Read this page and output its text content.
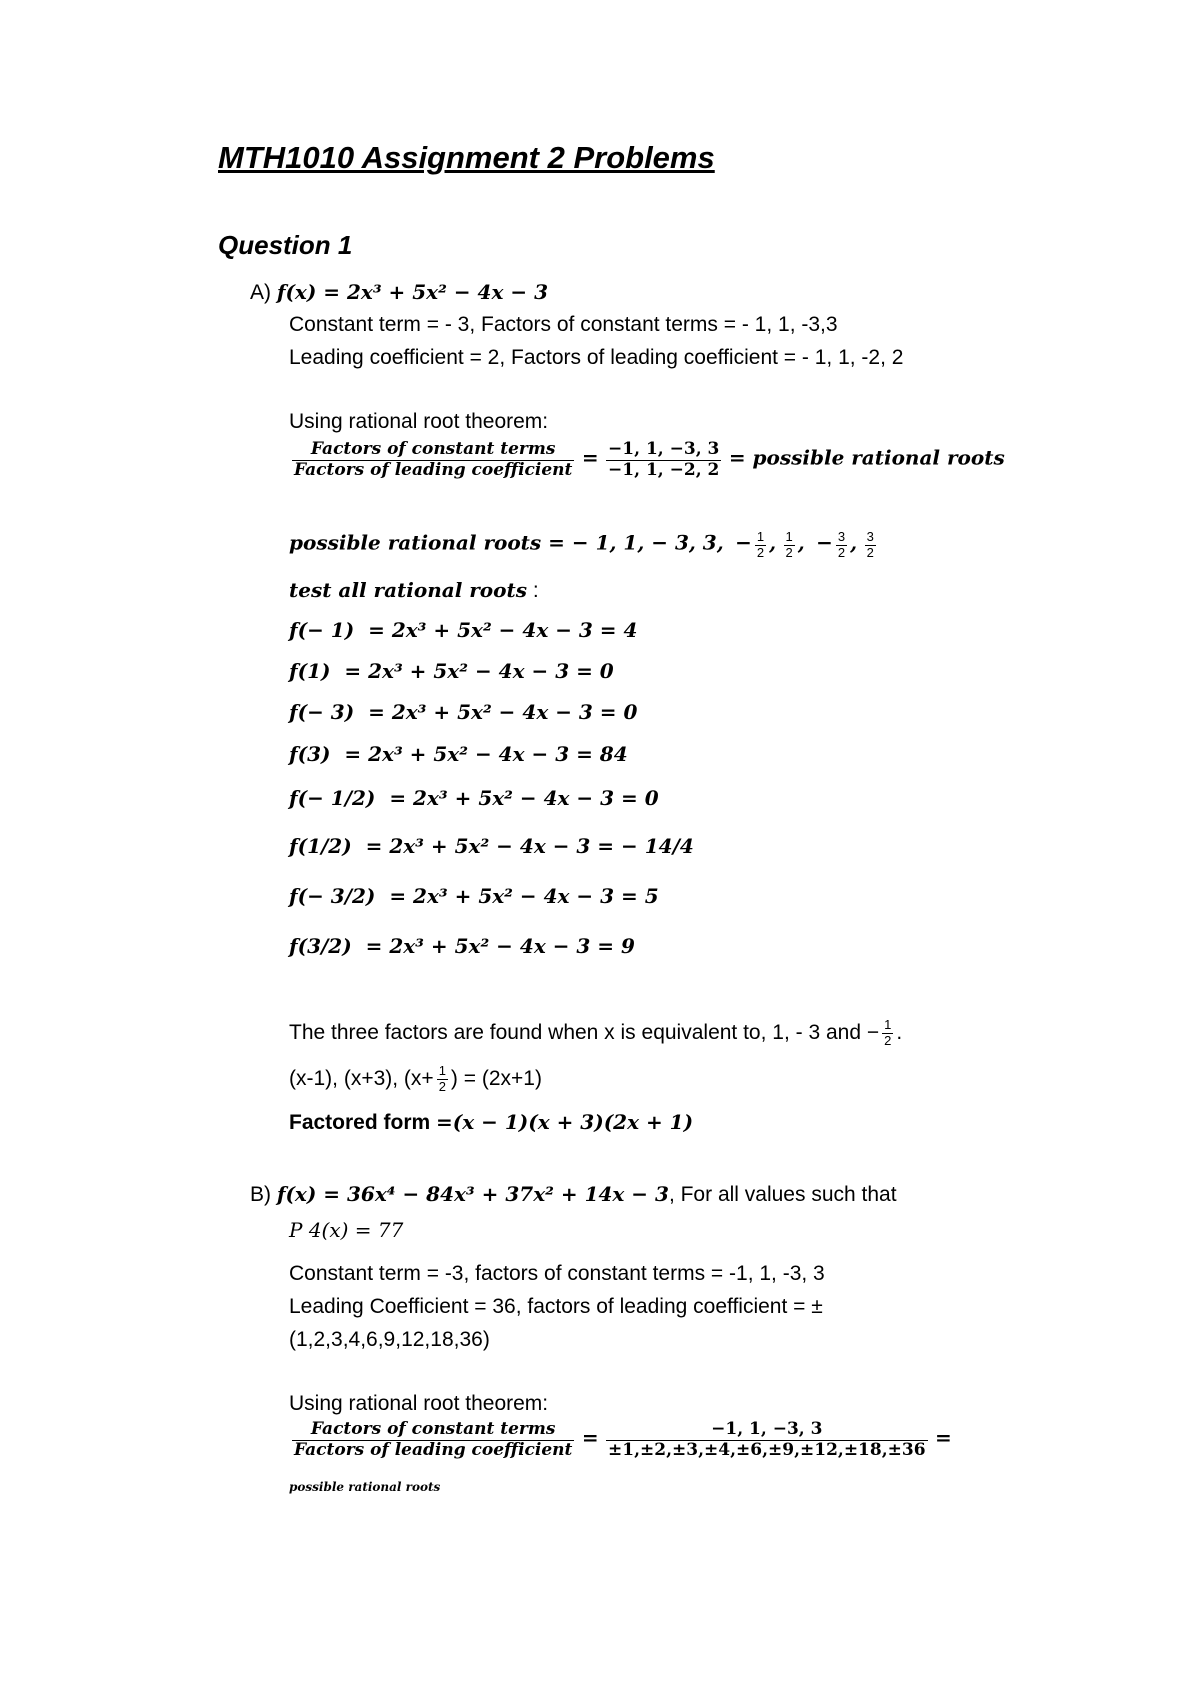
MTH1010 Assignment 2 Problems
Question 1
A) f(x) = 2x³ + 5x² − 4x − 3
Constant term = - 3, Factors of constant terms = - 1, 1, -3,3
Leading coefficient = 2, Factors of leading coefficient = - 1, 1, -2, 2
Using rational root theorem:
$\frac{\text{Factors of constant terms}}{\text{Factors of leading coefficient}} = \frac{-1, 1, -3, 3}{-1, 1, -2, 2}$ = possible rational roots
possible rational roots = − 1, 1, − 3, 3,  − $\frac{1}{2}$ , $\frac{1}{2}$ ,  − $\frac{3}{2}$ , $\frac{3}{2}$
test all rational roots :
f(− 1) = 2x³ + 5x² − 4x − 3 = 4
f(1) = 2x³ + 5x² − 4x − 3 = 0
f(− 3) = 2x³ + 5x² − 4x − 3 = 0
f(3) = 2x³ + 5x² − 4x − 3 = 84
f(− 1/2) = 2x³ + 5x² − 4x − 3 = 0
f(1/2) = 2x³ + 5x² − 4x − 3 = − 14/4
f(− 3/2) = 2x³ + 5x² − 4x − 3 = 5
f(3/2) = 2x³ + 5x² − 4x − 3 = 9
The three factors are found when x is equivalent to, 1, - 3 and − $\frac{1}{2}$ .
(x-1), (x+3), ($x+ \frac{1}{2}$ ) = (2x+1)
Factored form =(x − 1)(x + 3)(2x + 1)
B) f(x) = 36x⁴ − 84x³ + 37x² + 14x − 3, For all values such that
P 4(x) = 77
Constant term = -3, factors of constant terms = -1, 1, -3, 3
Leading Coefficient = 36, factors of leading coefficient = ±
(1,2,3,4,6,9,12,18,36)
Using rational root theorem:
$\frac{\text{Factors of constant terms}}{\text{Factors of leading coefficient}} = \frac{-1, 1, -3, 3}{\pm 1,\pm 2,\pm 3,\pm 4,\pm 6,\pm 9,\pm 12,\pm 18,\pm 36}$ =
possible rational roots
